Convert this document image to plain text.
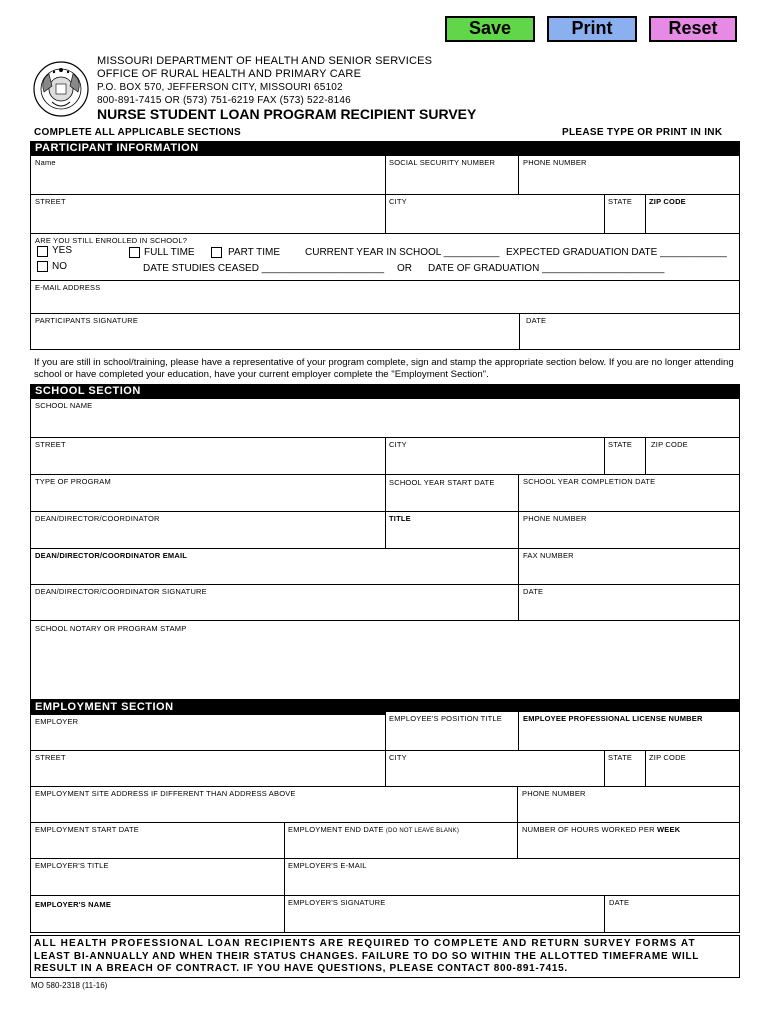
Save	Print	Reset
MISSOURI DEPARTMENT OF HEALTH AND SENIOR SERVICES
OFFICE OF RURAL HEALTH AND PRIMARY CARE
P.O. BOX 570, JEFFERSON CITY, MISSOURI 65102
800-891-7415 OR (573) 751-6219 FAX (573) 522-8146
NURSE STUDENT LOAN PROGRAM RECIPIENT SURVEY
COMPLETE ALL APPLICABLE SECTIONS	PLEASE TYPE OR PRINT IN INK
PARTICIPANT INFORMATION
Name	SOCIAL SECURITY NUMBER	PHONE NUMBER
STREET	CITY	STATE ZIP CODE
ARE YOU STILL ENROLLED IN SCHOOL?
YES
NO
FULL TIME	PART TIME CURRENT YEAR IN SCHOOL __________ EXPECTED GRADUATION DATE ____________
DATE STUDIES CEASED ______________________ OR DATE OF GRADUATION ______________________
E-MAIL ADDRESS
PARTICIPANTS SIGNATURE	DATE
If you are still in school/training, please have a representative of your program complete, sign and stamp the appropriate section below. If you are no longer attending school or have completed your education, have your current employer complete the "Employment Section".
SCHOOL SECTION
SCHOOL NAME
STREET	CITY	STATE	ZIP CODE
TYPE OF PROGRAM	SCHOOL YEAR START DATE	SCHOOL YEAR COMPLETION DATE
DEAN/DIRECTOR/COORDINATOR	TITLE	PHONE NUMBER
DEAN/DIRECTOR/COORDINATOR EMAIL	FAX NUMBER
DEAN/DIRECTOR/COORDINATOR SIGNATURE	DATE
SCHOOL NOTARY OR PROGRAM STAMP
EMPLOYMENT SECTION
EMPLOYER	EMPLOYEE'S POSITION TITLE	EMPLOYEE PROFESSIONAL LICENSE NUMBER
STREET	CITY	STATE ZIP CODE
EMPLOYMENT SITE ADDRESS IF DIFFERENT THAN ADDRESS ABOVE	PHONE NUMBER
EMPLOYMENT START DATE	EMPLOYMENT END DATE (DO NOT LEAVE BLANK)	NUMBER OF HOURS WORKED PER WEEK
EMPLOYER'S TITLE	EMPLOYER'S E-MAIL
EMPLOYER'S NAME	EMPLOYER'S SIGNATURE	DATE
ALL HEALTH PROFESSIONAL LOAN RECIPIENTS ARE REQUIRED TO COMPLETE AND RETURN SURVEY FORMS AT
LEAST BI-ANNUALLY AND WHEN THEIR STATUS CHANGES. FAILURE TO DO SO WITHIN THE ALLOTTED TIMEFRAME WILL
RESULT IN A BREACH OF CONTRACT. IF YOU HAVE QUESTIONS, PLEASE CONTACT 800-891-7415.
MO 580-2318 (11-16)
